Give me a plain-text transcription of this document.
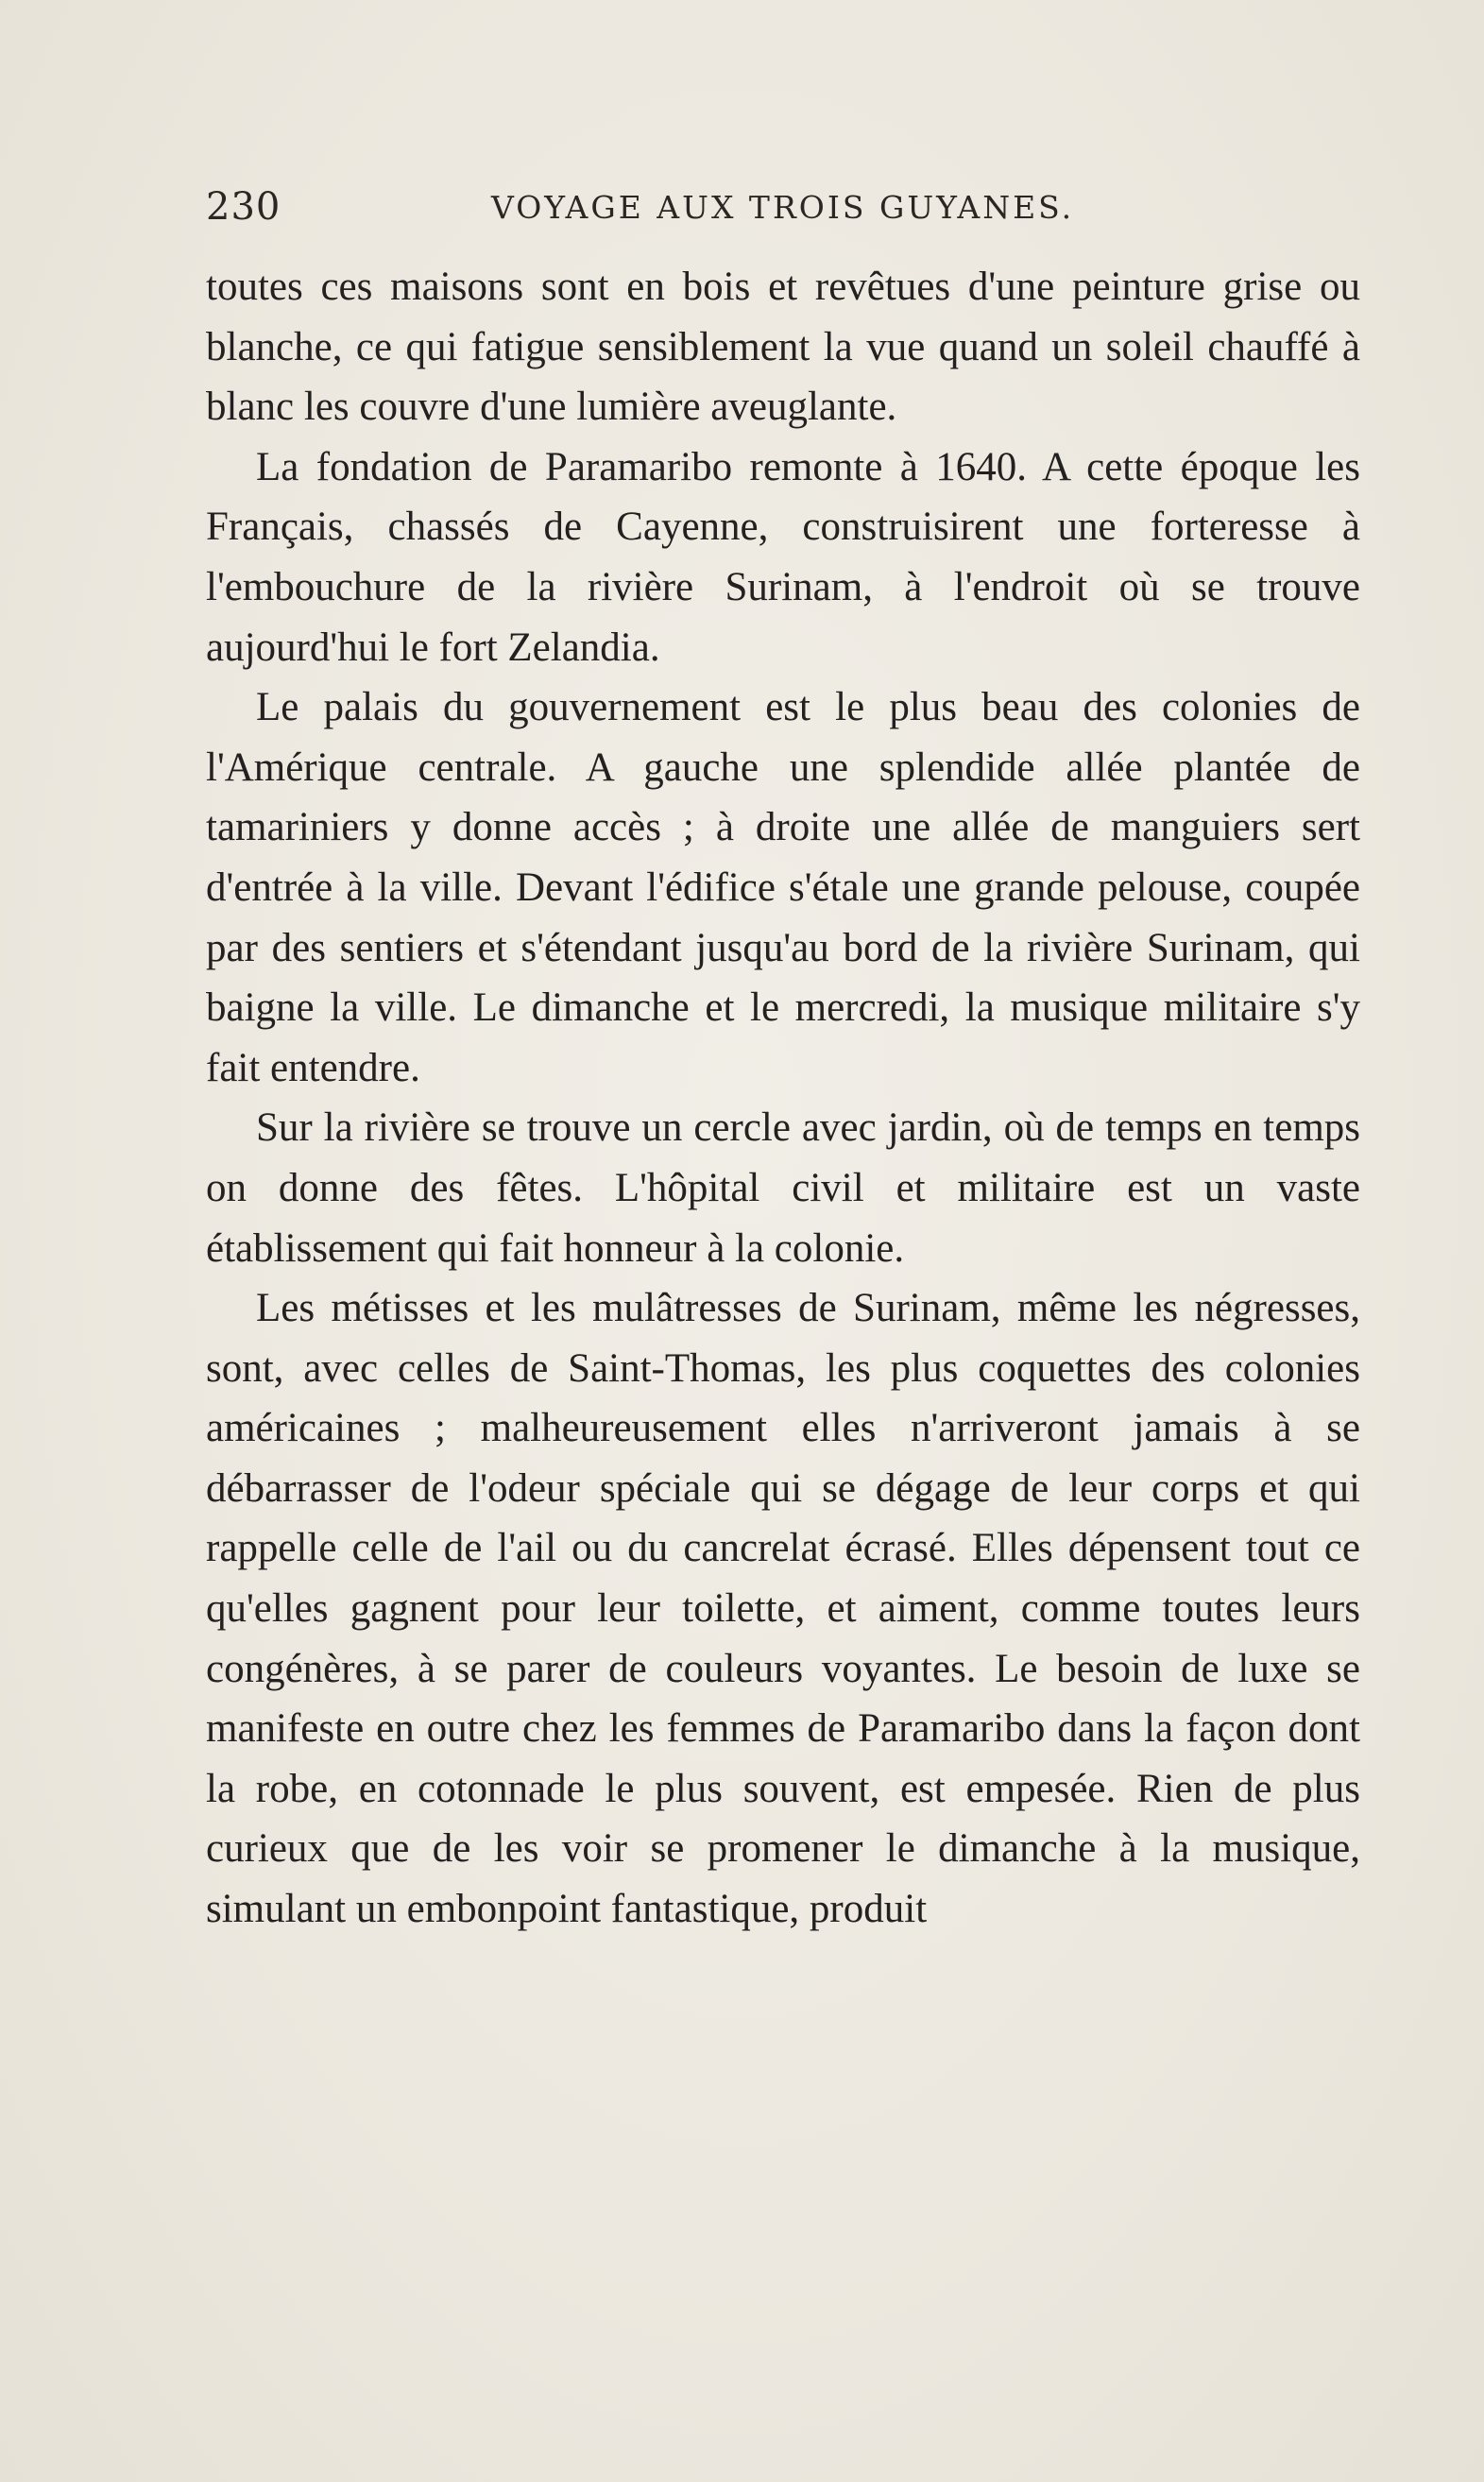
230	VOYAGE AUX TROIS GUYANES.

toutes ces maisons sont en bois et revêtues d'une peinture grise ou blanche, ce qui fatigue sensiblement la vue quand un soleil chauffé à blanc les couvre d'une lumière aveuglante.

La fondation de Paramaribo remonte à 1640. A cette époque les Français, chassés de Cayenne, construisirent une forteresse à l'embouchure de la rivière Surinam, à l'endroit où se trouve aujourd'hui le fort Zelandia.

Le palais du gouvernement est le plus beau des colonies de l'Amérique centrale. A gauche une splendide allée plantée de tamariniers y donne accès ; à droite une allée de manguiers sert d'entrée à la ville. Devant l'édifice s'étale une grande pelouse, coupée par des sentiers et s'étendant jusqu'au bord de la rivière Surinam, qui baigne la ville. Le dimanche et le mercredi, la musique militaire s'y fait entendre.

Sur la rivière se trouve un cercle avec jardin, où de temps en temps on donne des fêtes. L'hôpital civil et militaire est un vaste établissement qui fait honneur à la colonie.

Les métisses et les mulâtresses de Surinam, même les négresses, sont, avec celles de Saint-Thomas, les plus coquettes des colonies américaines ; malheureusement elles n'arriveront jamais à se débarrasser de l'odeur spéciale qui se dégage de leur corps et qui rappelle celle de l'ail ou du cancrelat écrasé. Elles dépensent tout ce qu'elles gagnent pour leur toilette, et aiment, comme toutes leurs congénères, à se parer de couleurs voyantes. Le besoin de luxe se manifeste en outre chez les femmes de Paramaribo dans la façon dont la robe, en cotonnade le plus souvent, est empesée. Rien de plus curieux que de les voir se promener le dimanche à la musique, simulant un embonpoint fantastique, produit
